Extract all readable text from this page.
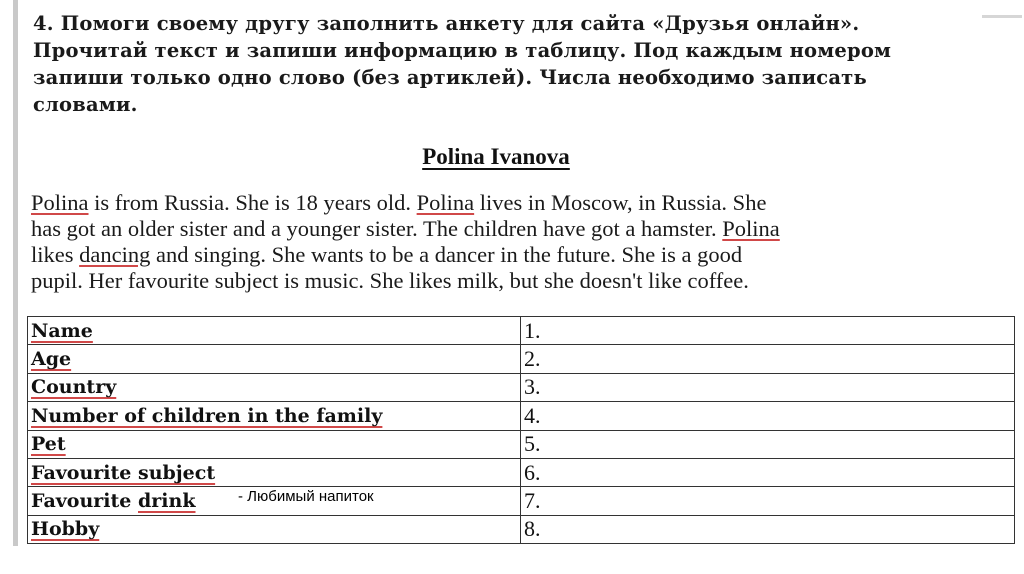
4. Помоги своему другу заполнить анкету для сайта «Друзья онлайн».
Прочитай текст и запиши информацию в таблицу. Под каждым номером
запиши только одно слово (без артиклей). Числа необходимо записать
словами.
Polina Ivanova
Polina is from Russia. She is 18 years old. Polina lives in Moscow, in Russia. She
has got an older sister and a younger sister. The children have got a hamster. Polina
likes dancing and singing. She wants to be a dancer in the future. She is a good
pupil. Her favourite subject is music. She likes milk, but she doesn't like coffee.
Name	1.
Age	2.
Country	3.
Number of children in the family	4.
Pet	5.
Favourite subject	6.
Favourite drink	7.
Hobby	8.
- Любимый напиток
